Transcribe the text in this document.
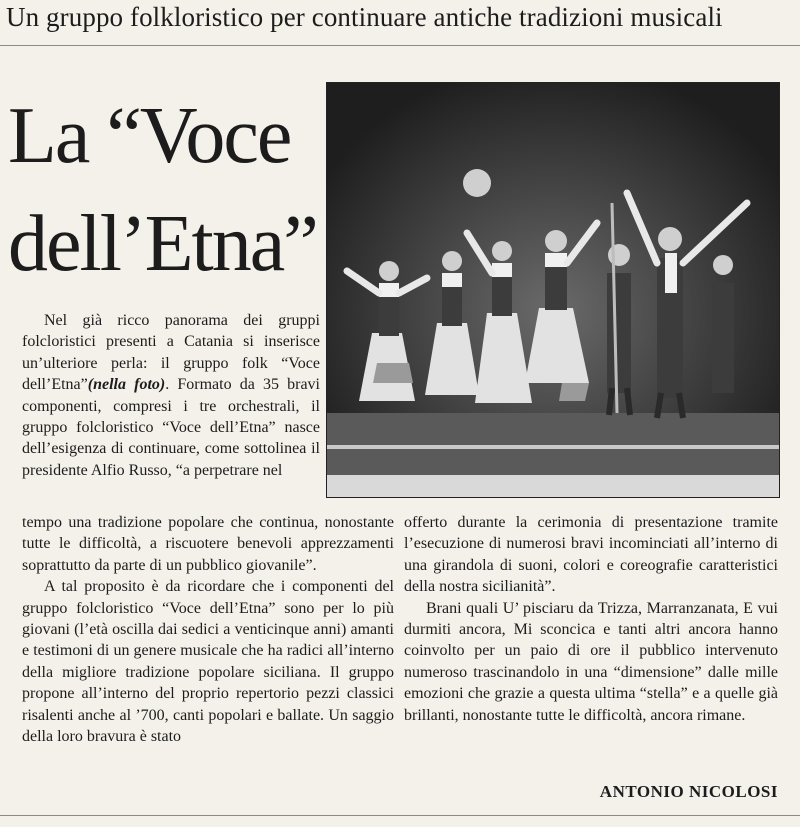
Un gruppo folkloristico per continuare antiche tradizioni musicali
La “Voce
dell’Etna”

Nel già ricco panorama dei gruppi folcloristici presenti a Catania si inserisce un’ulteriore perla: il gruppo folk “Voce dell’Etna”(nella foto). Formato da 35 bravi componenti, compresi i tre orchestrali, il gruppo folcloristico “Voce dell’Etna” nasce dell’esigenza di continuare, come sottolinea il presidente Alfio Russo, “a perpetrare nel

tempo una tradizione popolare che continua, nonostante tutte le difficoltà, a riscuotere benevoli apprezzamenti soprattutto da parte di un pubblico giovanile”.

A tal proposito è da ricordare che i componenti del gruppo folcloristico “Voce dell’Etna” sono per lo più giovani (l’età oscilla dai sedici a venticinque anni) amanti e testimoni di un genere musicale che ha radici all’interno della migliore tradizione popolare siciliana. Il gruppo propone all’interno del proprio repertorio pezzi classici risalenti anche al ’700, canti popolari e ballate. Un saggio della loro bravura è stato

offerto durante la cerimonia di presentazione tramite l’esecuzione di numerosi bravi incominciati all’interno di una girandola di suoni, colori e coreografie caratteristici della nostra sicilianità”.

Brani quali U’ pisciaru da Trizza, Marranzanata, E vui durmiti ancora, Mi sconcica e tanti altri ancora hanno coinvolto per un paio di ore il pubblico intervenuto numeroso trascinandolo in una “dimensione” dalle mille emozioni che grazie a questa ultima “stella” e a quelle già brillanti, nonostante tutte le difficoltà, ancora rimane.

ANTONIO NICOLOSI
